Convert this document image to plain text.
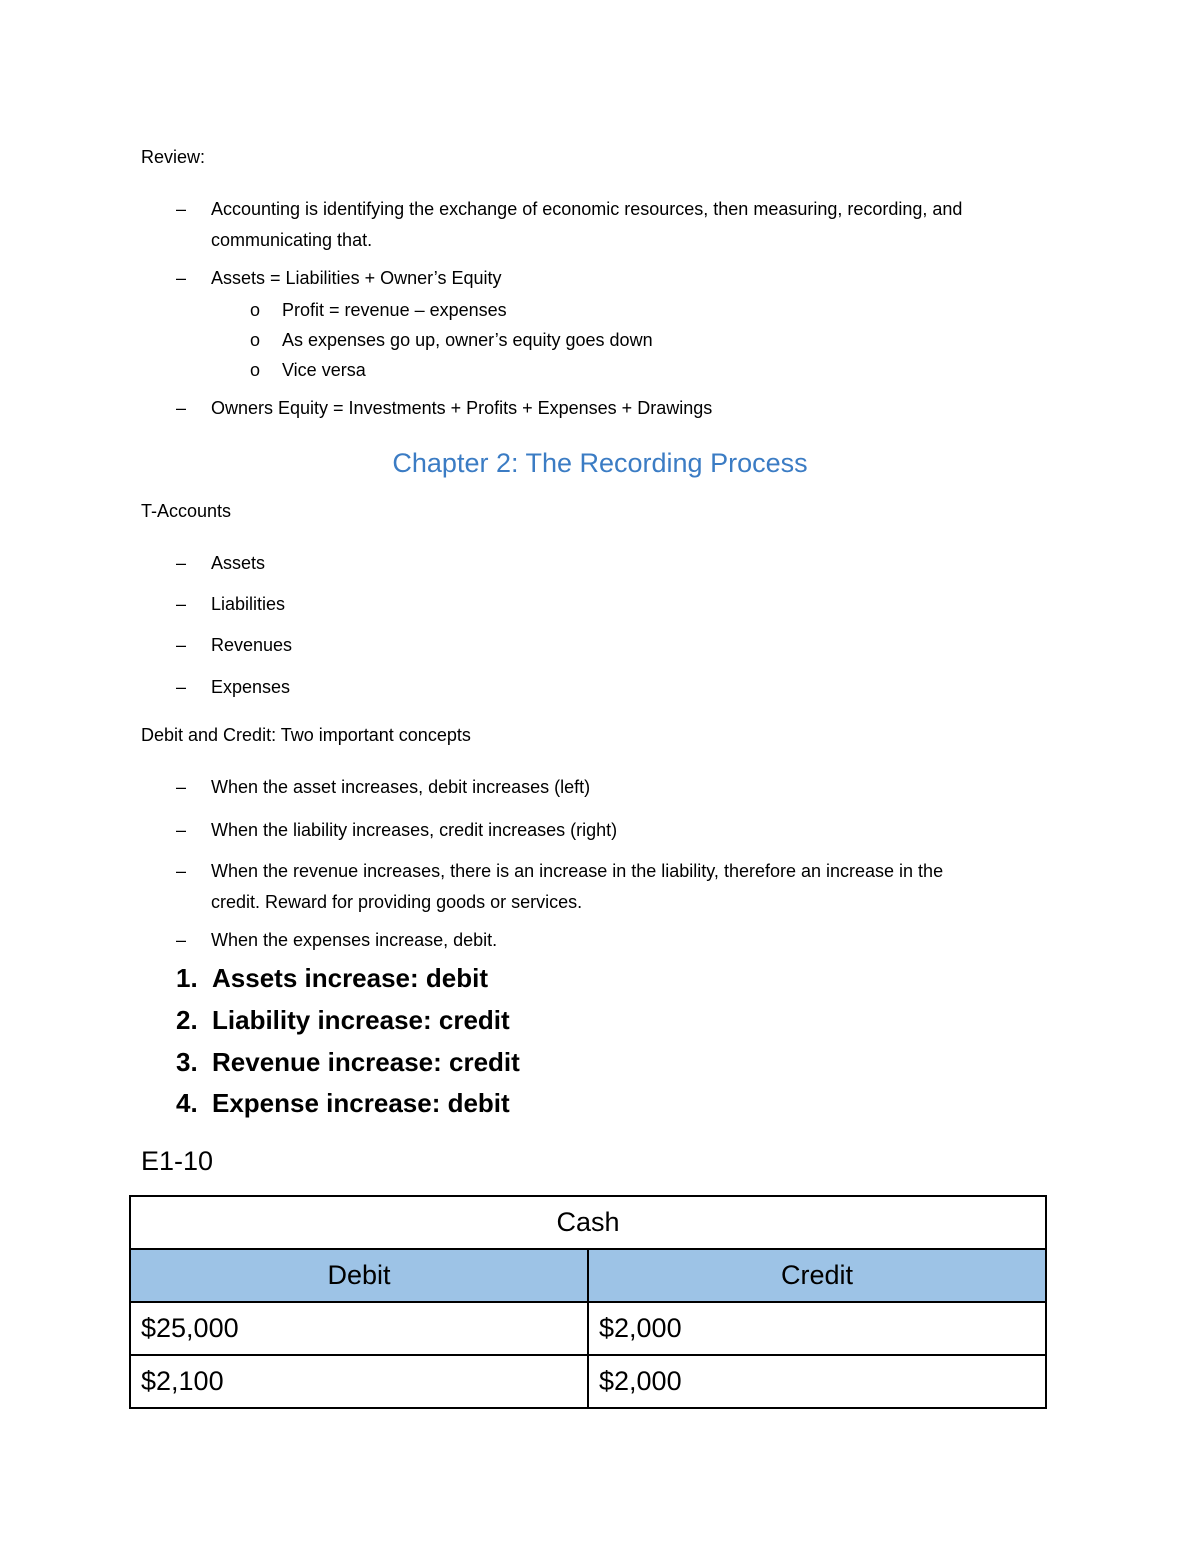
Review:

–	Accounting is identifying the exchange of economic resources, then measuring, recording, and
communicating that.
–	Assets = Liabilities + Owner’s Equity
o Profit = revenue – expenses
o As expenses go up, owner’s equity goes down
o Vice versa
–	Owners Equity = Investments + Profits + Expenses + Drawings
Chapter 2: The Recording Process

T-Accounts

–	Assets
–	Liabilities
–	Revenues
–	Expenses

Debit and Credit: Two important concepts

–	When the asset increases, debit increases (left)
–	When the liability increases, credit increases (right)
–	When the revenue increases, there is an increase in the liability, therefore an increase in the
credit. Reward for providing goods or services.
–	When the expenses increase, debit.
1. Assets increase: debit
2. Liability increase: credit
3. Revenue increase: credit
4. Expense increase: debit
E1-10
Cash	
Debit	Credit
$25,000	$2,000
$2,100	$2,000
